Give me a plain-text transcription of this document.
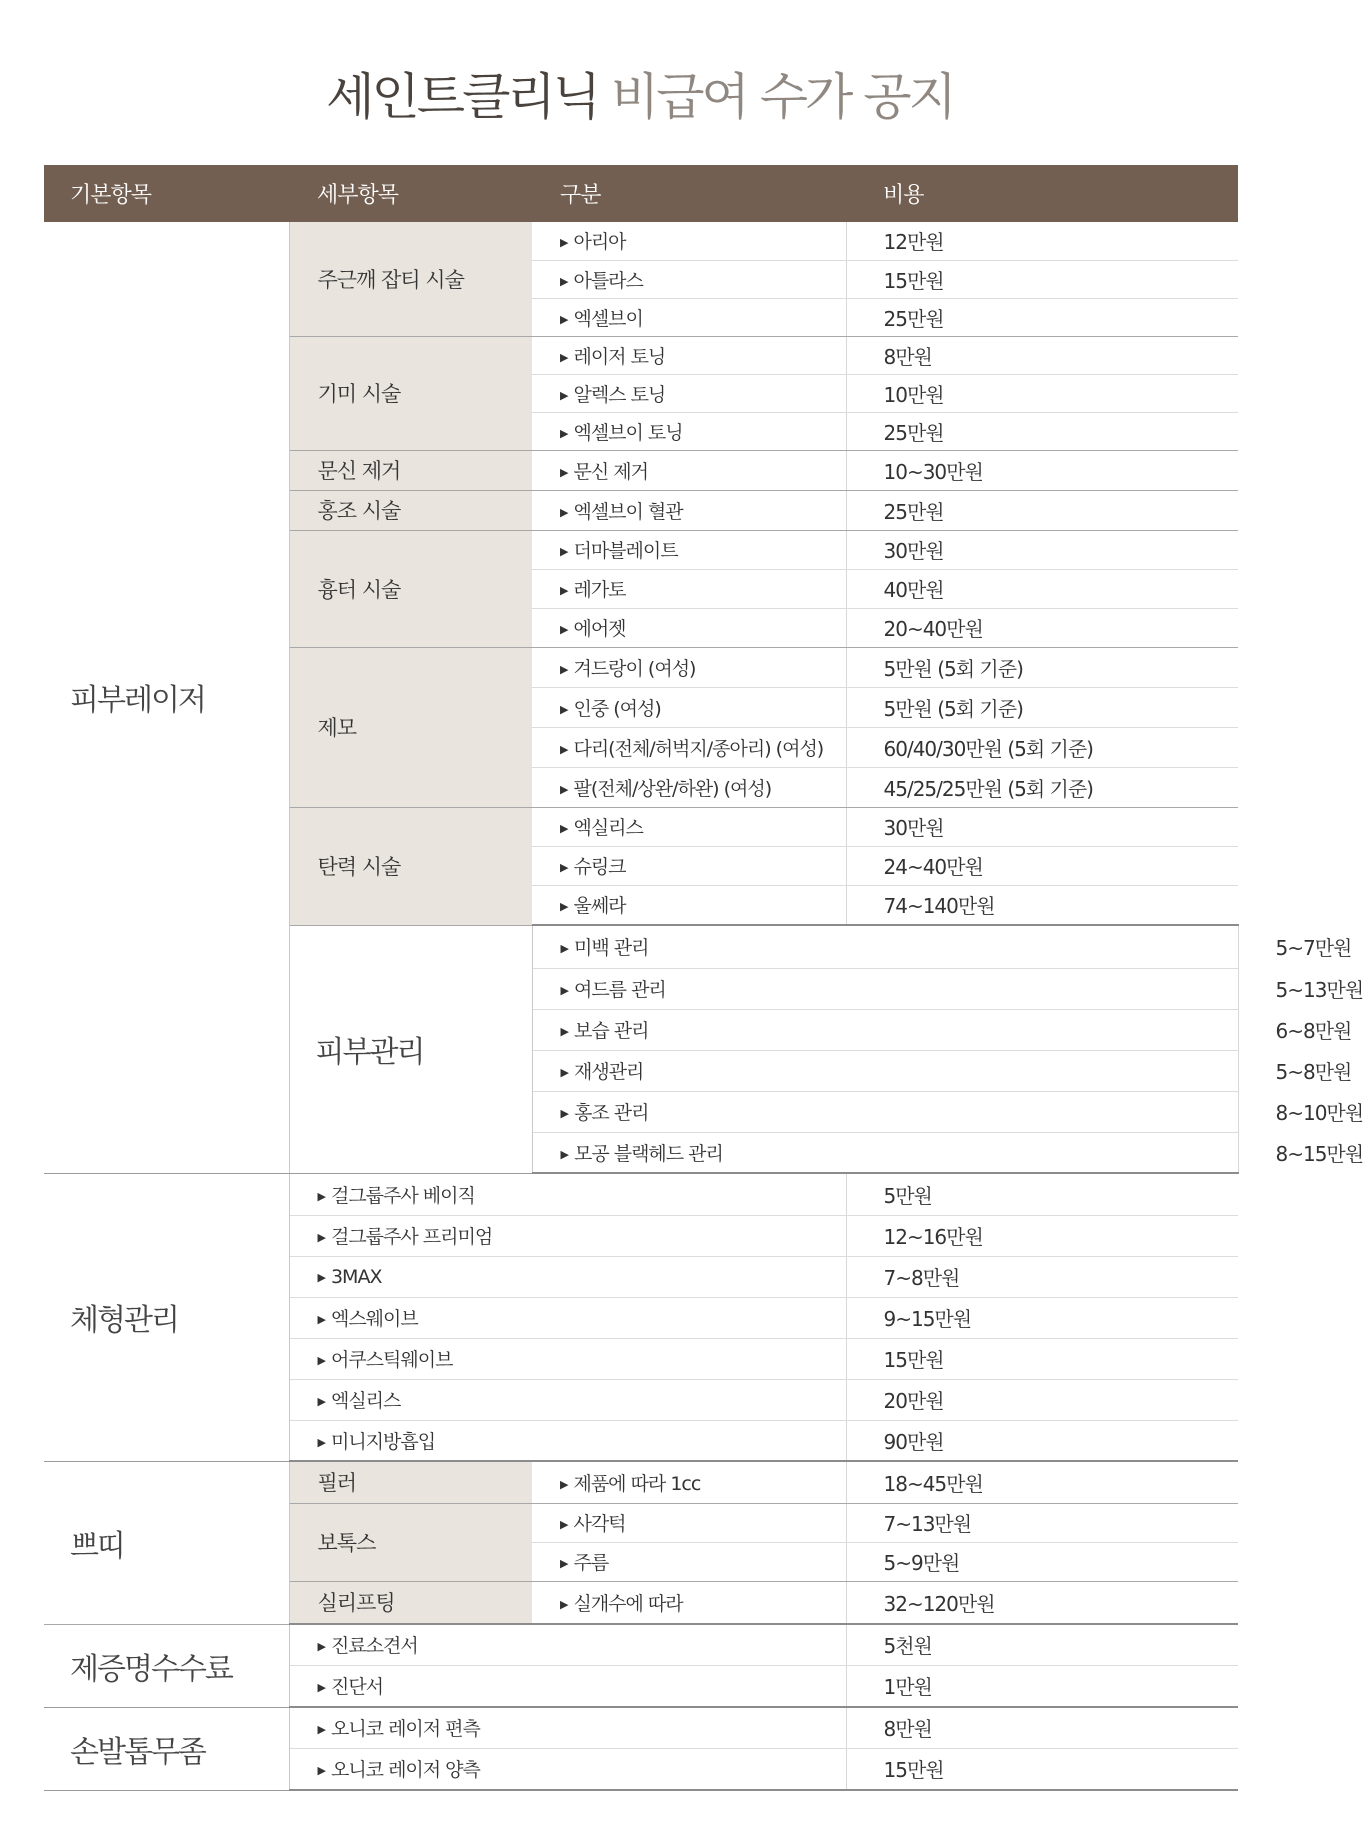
세인트클리닉 비급여 수가 공지
기본항목	세부항목	구분	비용	
피부레이저	주근깨 잡티 시술	▶ 아리아	12만원	
		▶ 아틀라스	15만원	
		▶ 엑셀브이	25만원	
	기미 시술	▶ 레이저 토닝	8만원	
		▶ 알렉스 토닝	10만원	
		▶ 엑셀브이 토닝	25만원	
	문신 제거	▶ 문신 제거	10~30만원	
	홍조 시술	▶ 엑셀브이 혈관	25만원	
	흉터 시술	▶ 더마블레이트	30만원	
		▶ 레가토	40만원	
		▶ 에어젯	20~40만원	
	제모	▶ 겨드랑이 (여성)	5만원 (5회 기준)	
		▶ 인중 (여성)	5만원 (5회 기준)	
		▶ 다리(전체/허벅지/종아리) (여성)	60/40/30만원 (5회 기준)	
		▶ 팔(전체/상완/하완) (여성)	45/25/25만원 (5회 기준)	
	탄력 시술	▶ 엑실리스	30만원	
		▶ 슈링크	24~40만원	
		▶ 울쎄라	74~140만원	
	피부관리	▶ 미백 관리		5~7만원
		▶ 여드름 관리		5~13만원
		▶ 보습 관리		6~8만원
		▶ 재생관리		5~8만원
		▶ 홍조 관리		8~10만원
		▶ 모공 블랙헤드 관리		8~15만원
체형관리	▶ 걸그룹주사 베이직		5만원	
	▶ 걸그룹주사 프리미엄		12~16만원	
	▶ 3MAX		7~8만원	
	▶ 엑스웨이브		9~15만원	
	▶ 어쿠스틱웨이브		15만원	
	▶ 엑실리스		20만원	
	▶ 미니지방흡입		90만원	
쁘띠	필러	▶ 제품에 따라 1cc	18~45만원	
	보톡스	▶ 사각턱	7~13만원	
		▶ 주름	5~9만원	
	실리프팅	▶ 실개수에 따라	32~120만원	
제증명수수료	▶ 진료소견서		5천원	
	▶ 진단서		1만원	
손발톱무좀	▶ 오니코 레이저 편측		8만원	
	▶ 오니코 레이저 양측		15만원	
